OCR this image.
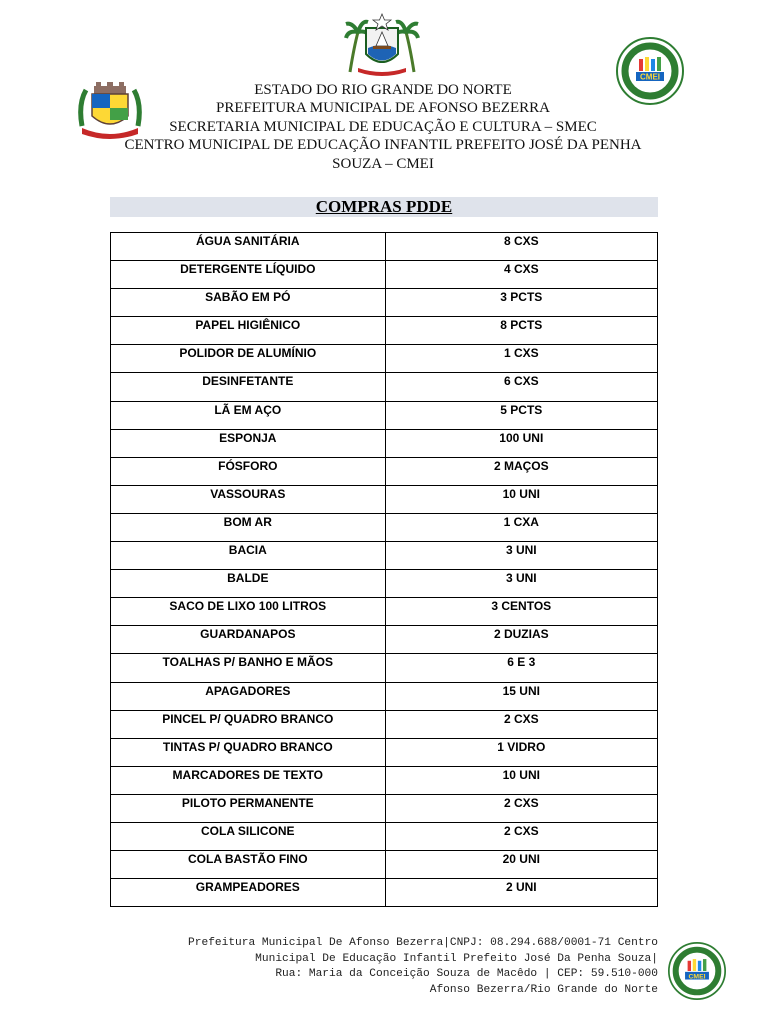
CMEI
ESTADO DO RIO GRANDE DO NORTE
PREFEITURA MUNICIPAL DE AFONSO BEZERRA
SECRETARIA MUNICIPAL DE EDUCAÇÃO E CULTURA – SMEC
CENTRO MUNICIPAL DE EDUCAÇÃO INFANTIL PREFEITO JOSÉ DA PENHA
SOUZA – CMEI
COMPRAS PDDE
ÁGUA SANITÁRIA	8 CXS
DETERGENTE LÍQUIDO	4 CXS
SABÃO EM PÓ	3 PCTS
PAPEL HIGIÊNICO	8 PCTS
POLIDOR DE ALUMÍNIO	1 CXS
DESINFETANTE	6 CXS
LÃ EM AÇO	5 PCTS
ESPONJA	100 UNI
FÓSFORO	2 MAÇOS
VASSOURAS	10 UNI
BOM AR	1 CXA
BACIA	3 UNI
BALDE	3 UNI
SACO DE LIXO 100 LITROS	3 CENTOS
GUARDANAPOS	2 DUZIAS
TOALHAS P/ BANHO E MÃOS	6 E 3
APAGADORES	15 UNI
PINCEL P/ QUADRO BRANCO	2 CXS
TINTAS P/ QUADRO BRANCO	1 VIDRO
MARCADORES DE TEXTO	10 UNI
PILOTO PERMANENTE	2 CXS
COLA SILICONE	2 CXS
COLA BASTÃO FINO	20 UNI
GRAMPEADORES	2 UNI
Prefeitura Municipal De Afonso Bezerra|CNPJ: 08.294.688/0001-71 Centro
Municipal De Educação Infantil Prefeito José Da Penha Souza|
Rua: Maria da Conceição Souza de Macêdo | CEP: 59.510-000
Afonso Bezerra/Rio Grande do Norte
CMEI
